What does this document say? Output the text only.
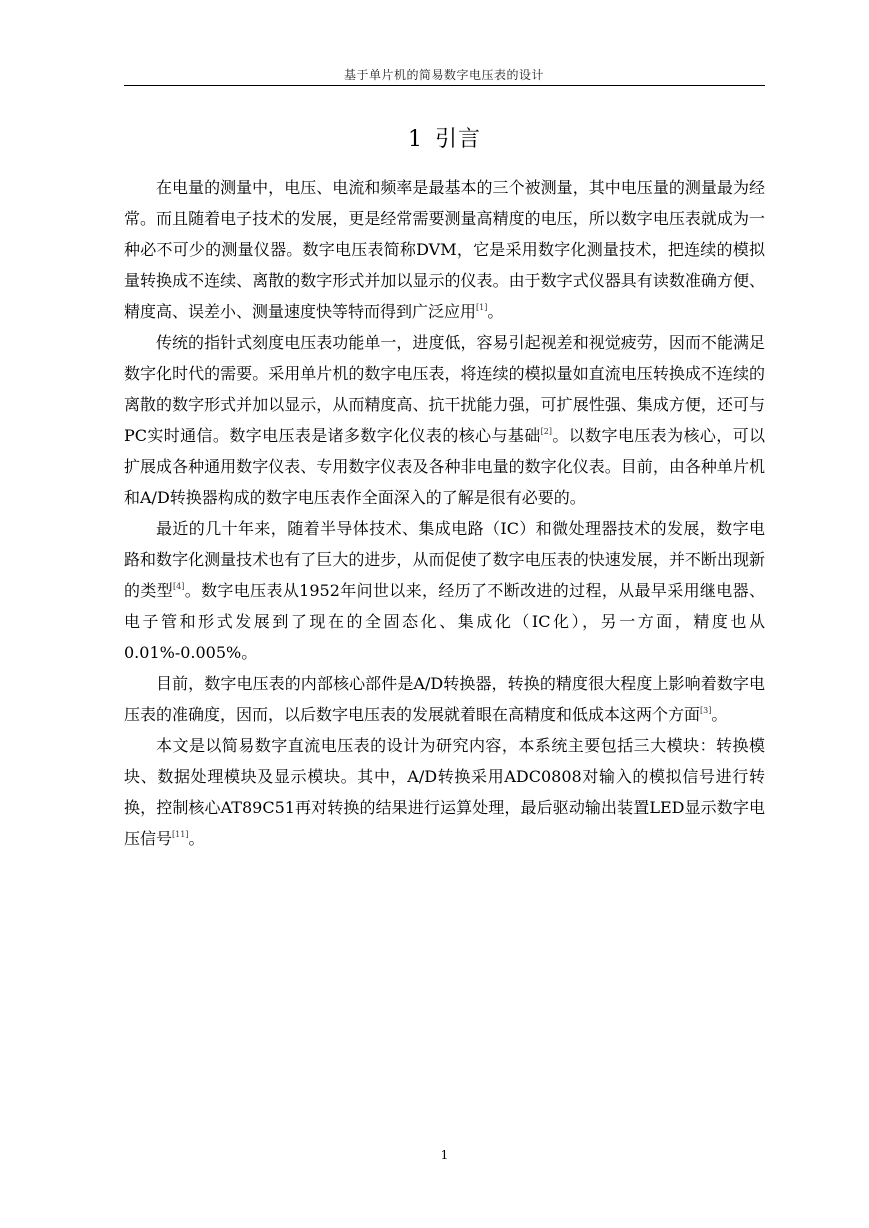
基于单片机的简易数字电压表的设计
1 引言

在电量的测量中，电压、电流和频率是最基本的三个被测量，其中电压量的测量最为经常。而且随着电子技术的发展，更是经常需要测量高精度的电压，所以数字电压表就成为一种必不可少的测量仪器。数字电压表简称DVM，它是采用数字化测量技术，把连续的模拟量转换成不连续、离散的数字形式并加以显示的仪表。由于数字式仪器具有读数准确方便、精度高、误差小、测量速度快等特而得到广泛应用[1]。

传统的指针式刻度电压表功能单一，进度低，容易引起视差和视觉疲劳，因而不能满足数字化时代的需要。采用单片机的数字电压表，将连续的模拟量如直流电压转换成不连续的离散的数字形式并加以显示，从而精度高、抗干扰能力强，可扩展性强、集成方便，还可与PC实时通信。数字电压表是诸多数字化仪表的核心与基础[2]。以数字电压表为核心，可以扩展成各种通用数字仪表、专用数字仪表及各种非电量的数字化仪表。目前，由各种单片机和A/D转换器构成的数字电压表作全面深入的了解是很有必要的。

最近的几十年来，随着半导体技术、集成电路（IC）和微处理器技术的发展，数字电路和数字化测量技术也有了巨大的进步，从而促使了数字电压表的快速发展，并不断出现新的类型[4]。数字电压表从1952年问世以来，经历了不断改进的过程，从最早采用继电器、电子管和形式发展到了现在的全固态化、集成化（IC化），另一方面，精度也从0.01%-0.005%。

目前，数字电压表的内部核心部件是A/D转换器，转换的精度很大程度上影响着数字电压表的准确度，因而，以后数字电压表的发展就着眼在高精度和低成本这两个方面[3]。

本文是以简易数字直流电压表的设计为研究内容，本系统主要包括三大模块：转换模块、数据处理模块及显示模块。其中，A/D转换采用ADC0808对输入的模拟信号进行转换，控制核心AT89C51再对转换的结果进行运算处理，最后驱动输出装置LED显示数字电压信号[11]。

1
